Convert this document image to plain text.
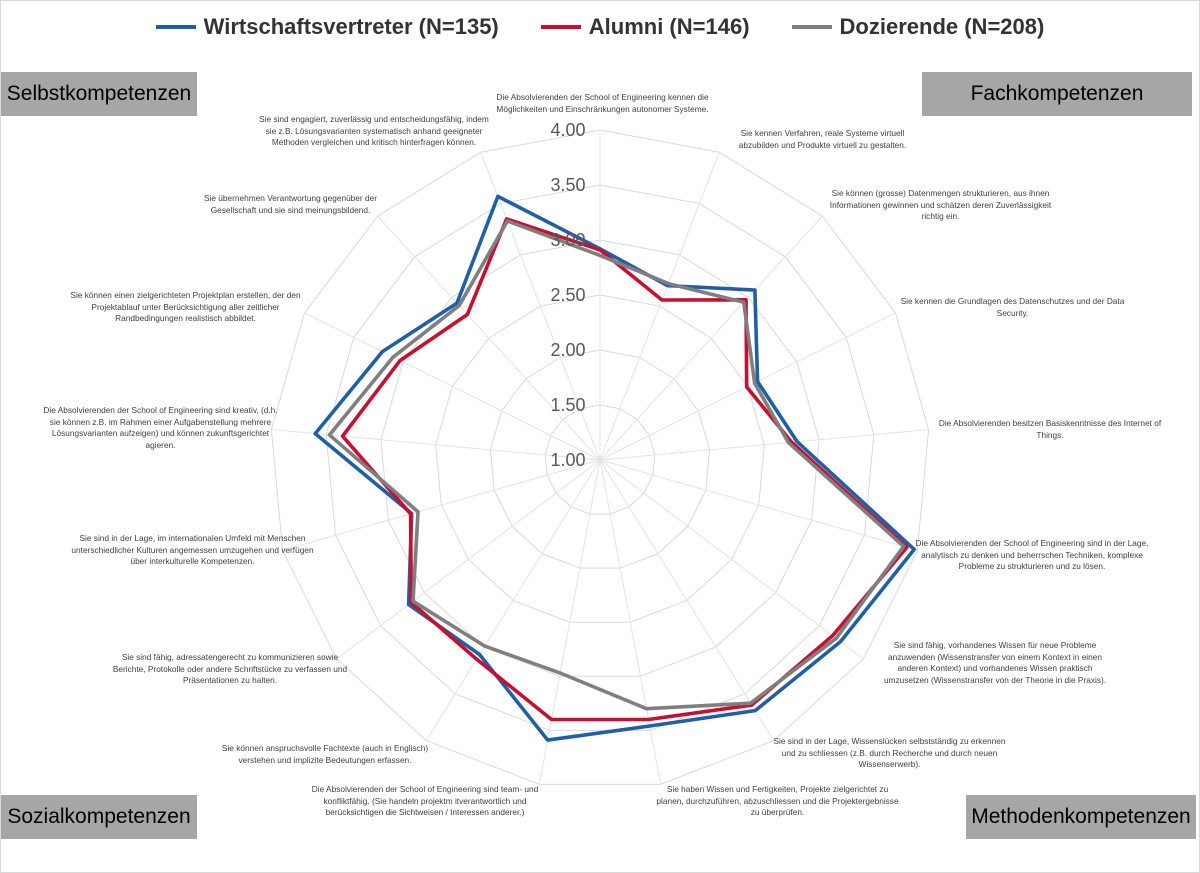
Wirtschaftsvertreter (N=135)	Alumni (N=146)	Dozierende (N=208)
1.00
1.50
2.00
2.50
3.00
3.50
4.00
Selbstkompetenzen	Fachkompetenzen
Sozialkompetenzen	Methodenkompetenzen
Die Absolvierenden der School of Engineering kennen die Möglichkeiten und Einschränkungen autonomer Systeme.
Sie kennen Verfahren, reale Systeme virtuell abzubilden und Produkte virtuell zu gestalten.
Sie können (grosse) Datenmengen strukturieren, aus ihnen Informationen gewinnen und schätzen deren Zuverlässigkeit richtig ein.
Sie kennen die Grundlagen des Datenschutzes und der Data Security.
Die Absolvierenden besitzen Basiskenntnisse des Internet of Things.
Die Absolvierenden der School of Engineering sind in der Lage, analytisch zu denken und beherrschen Techniken, komplexe Probleme zu strukturieren und zu lösen.
Sie sind fähig, vorhandenes Wissen für neue Probleme anzuwenden (Wissenstransfer von einem Kontext in einen anderen Kontext) und vorhandenes Wissen praktisch umzusetzen (Wissenstransfer von der Theorie in die Praxis).
Sie sind in der Lage, Wissenslücken selbstständig zu erkennen und zu schliessen (z.B. durch Recherche und durch neuen Wissenserwerb).
Sie haben Wissen und Fertigkeiten, Projekte zielgerichtet zu planen, durchzuführen, abzuschliessen und die Projektergebnisse zu überprüfen.
Die Absolvierenden der School of Engineering sind team- und konfliktfähig. (Sie handeln projektm itverantwortlich und berücksichtigen die Sichtweisen / Interessen anderer.)
Sie können anspruchsvolle Fachtexte (auch in Englisch) verstehen und implizite Bedeutungen erfassen.
Sie sind fähig, adressatengerecht zu kommunizieren sowie Berichte, Protokolle oder andere Schriftstücke zu verfassen und Präsentationen zu halten.
Sie sind in der Lage, im internationalen Umfeld mit Menschen unterschiedlicher Kulturen angemessen umzugehen und verfügen über interkulturelle Kompetenzen.
Die Absolvierenden der School of Engineering sind kreativ, (d.h. sie können z.B. im Rahmen einer Aufgabenstellung mehrere Lösungsvarianten aufzeigen) und können zukunftsgerichtet agieren.
Sie können einen zielgerichteten Projektplan erstellen, der den Projektablauf unter Berücksichtigung aller zeitlicher Randbedingungen realistisch abbildet.
Sie übernehmen Verantwortung gegenüber der Gesellschaft und sie sind meinungsbildend.
Sie sind engagiert, zuverlässig und entscheidungsfähig, indem sie z.B. Lösungsvarianten systematisch anhand geeigneter Methoden vergleichen und kritisch hinterfragen können.
